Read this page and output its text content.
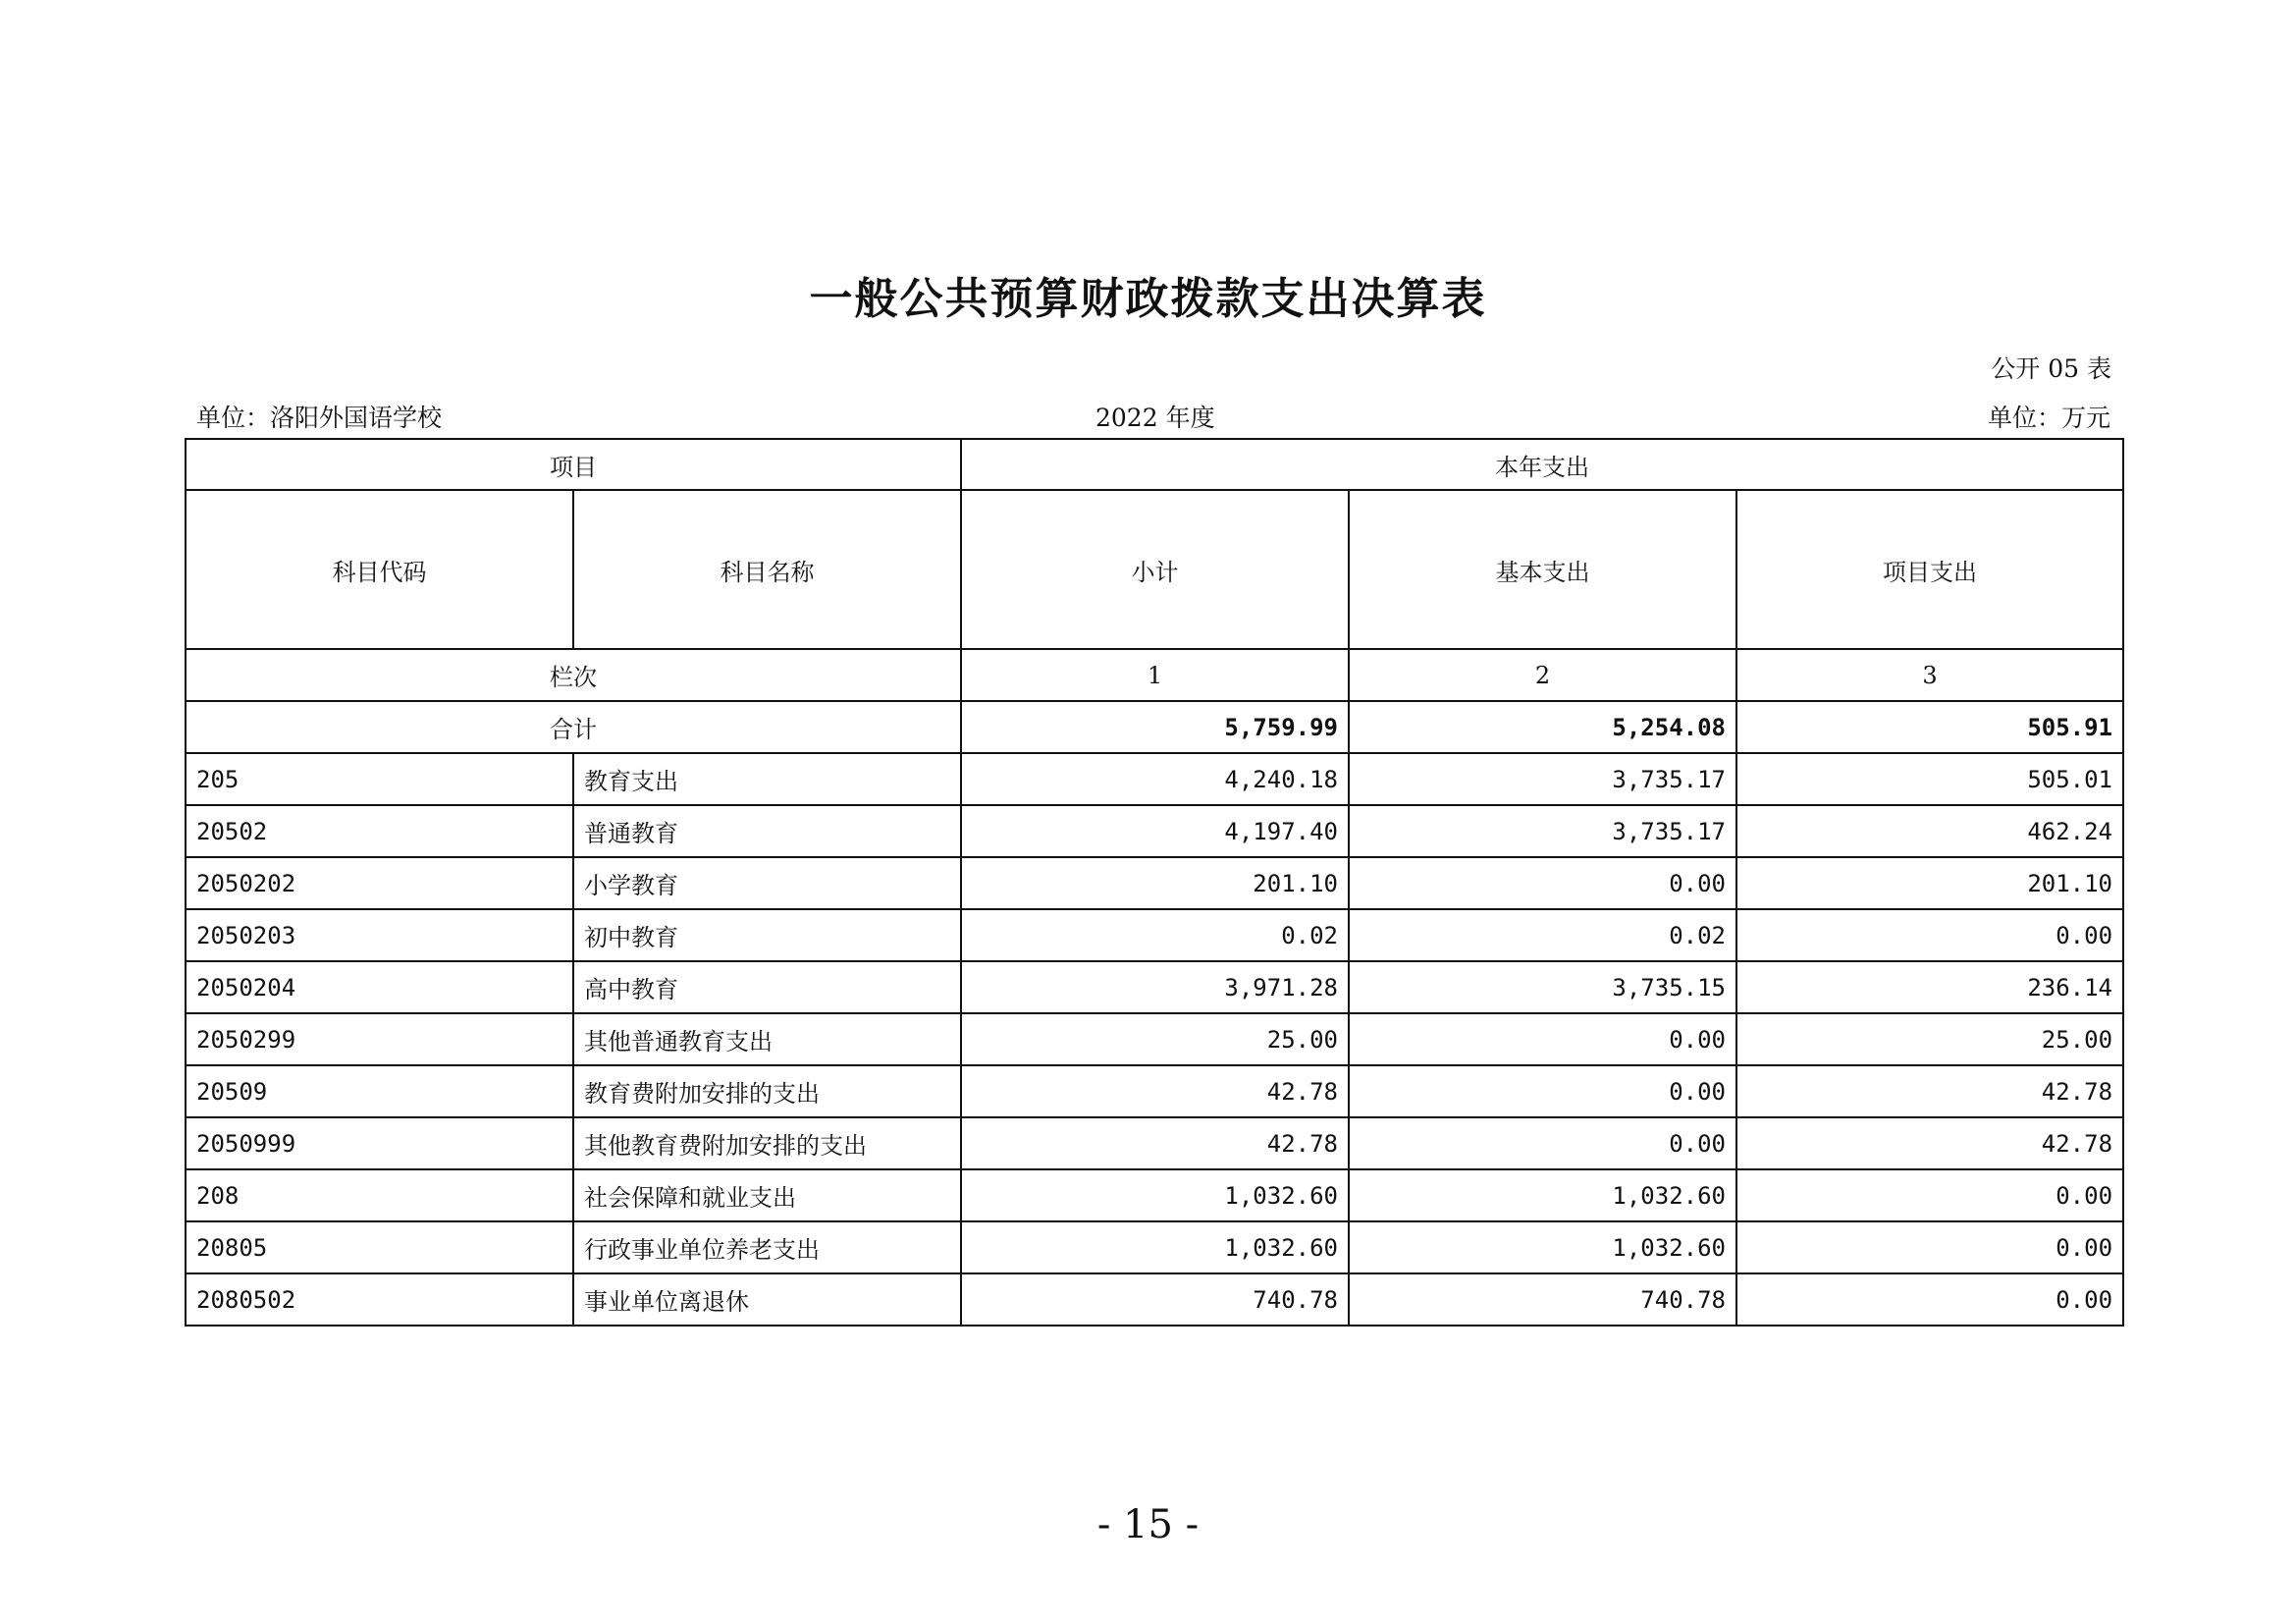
一般公共预算财政拨款支出决算表
公开 05 表
单位：洛阳外国语学校	2022 年度	单位：万元
项目		本年支出		
科目代码	科目名称	小计	基本支出	项目支出
栏次		1	2	3
合计		5,759.99	5,254.08	505.91
205	教育支出	4,240.18	3,735.17	505.01
20502	普通教育	4,197.40	3,735.17	462.24
2050202	小学教育	201.10	0.00	201.10
2050203	初中教育	0.02	0.02	0.00
2050204	高中教育	3,971.28	3,735.15	236.14
2050299	其他普通教育支出	25.00	0.00	25.00
20509	教育费附加安排的支出	42.78	0.00	42.78
2050999	其他教育费附加安排的支出	42.78	0.00	42.78
208	社会保障和就业支出	1,032.60	1,032.60	0.00
20805	行政事业单位养老支出	1,032.60	1,032.60	0.00
2080502	事业单位离退休	740.78	740.78	0.00
- 15 -
